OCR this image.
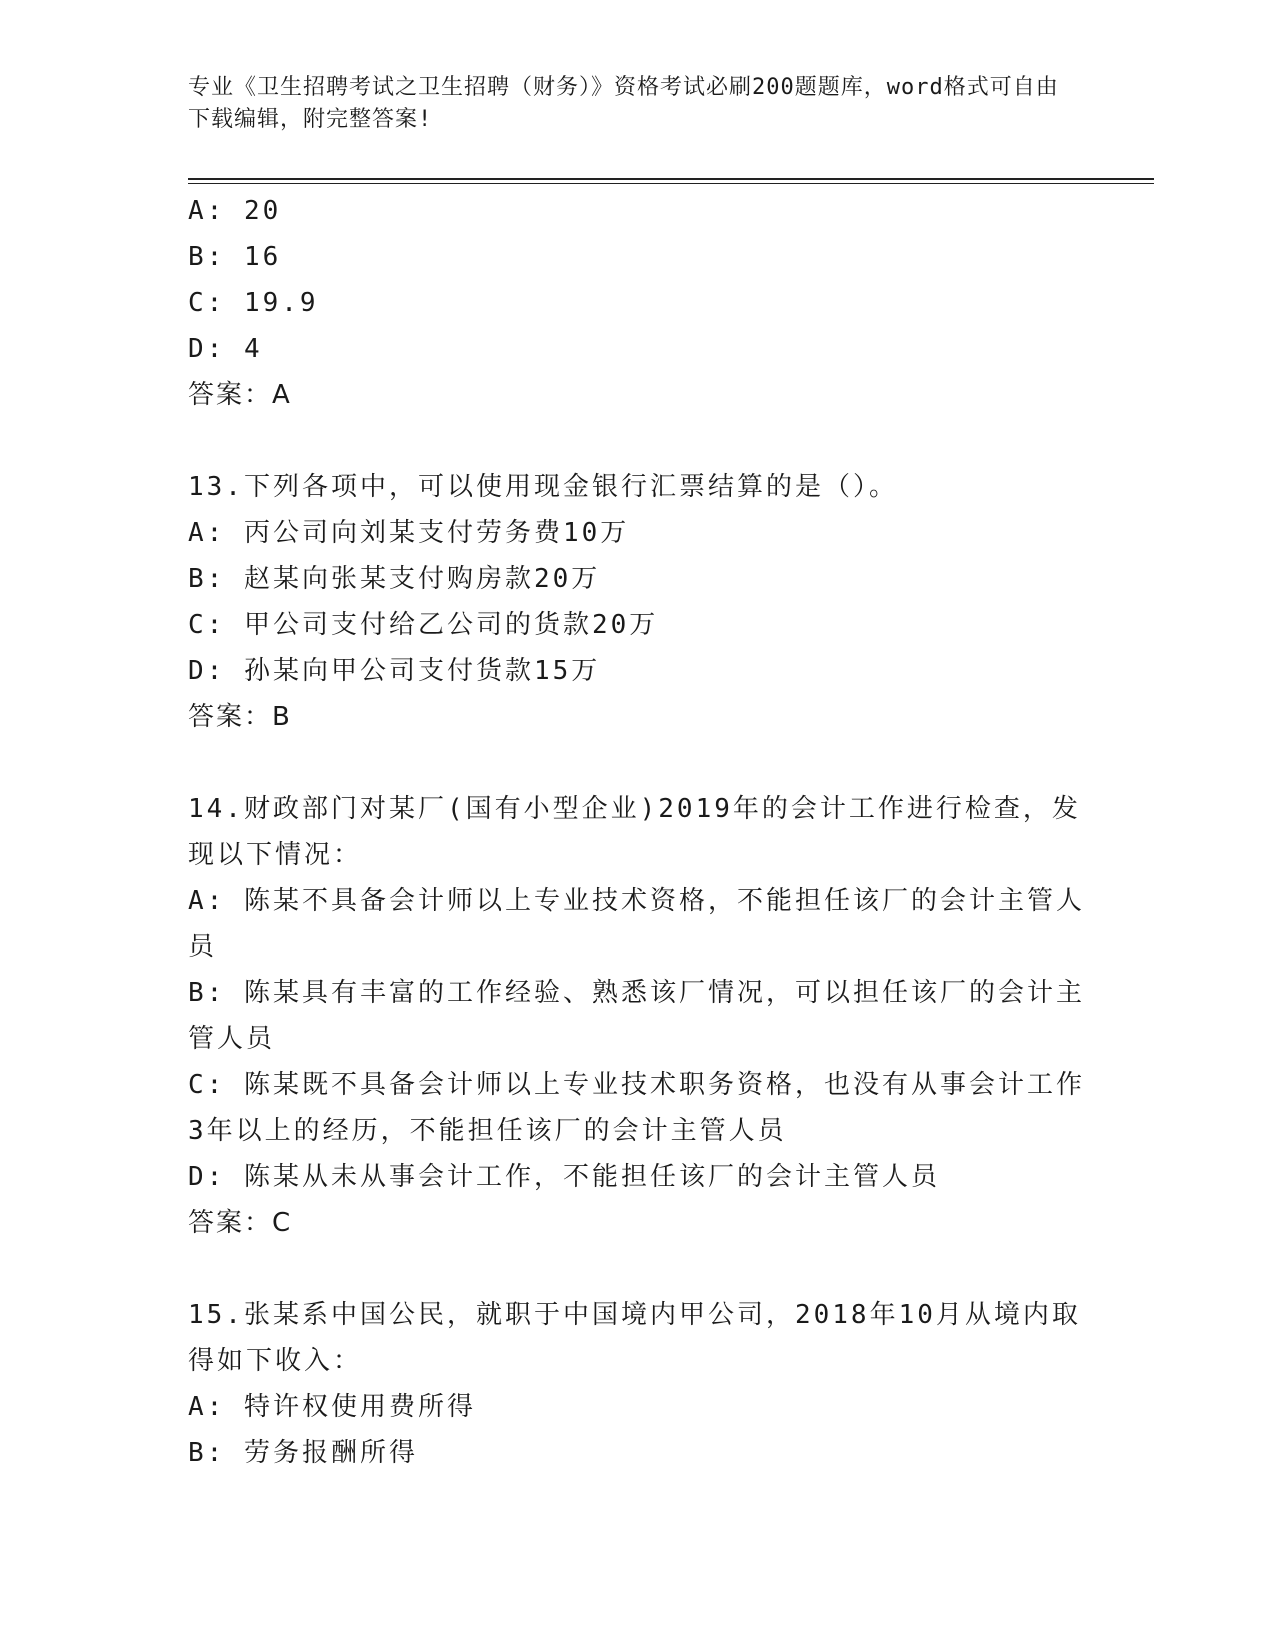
专业《卫生招聘考试之卫生招聘（财务）》资格考试必刷200题题库，word格式可自由下载编辑，附完整答案!
A: 20
B: 16
C: 19.9
D: 4
答案：A
13.下列各项中，可以使用现金银行汇票结算的是（）。
A: 丙公司向刘某支付劳务费10万
B: 赵某向张某支付购房款20万
C: 甲公司支付给乙公司的货款20万
D: 孙某向甲公司支付货款15万
答案：B
14.财政部门对某厂(国有小型企业)2019年的会计工作进行检查，发现以下情况：
A: 陈某不具备会计师以上专业技术资格，不能担任该厂的会计主管人员
B: 陈某具有丰富的工作经验、熟悉该厂情况，可以担任该厂的会计主管人员
C: 陈某既不具备会计师以上专业技术职务资格，也没有从事会计工作3年以上的经历，不能担任该厂的会计主管人员
D: 陈某从未从事会计工作，不能担任该厂的会计主管人员
答案：C
15.张某系中国公民，就职于中国境内甲公司，2018年10月从境内取得如下收入：
A: 特许权使用费所得
B: 劳务报酬所得
